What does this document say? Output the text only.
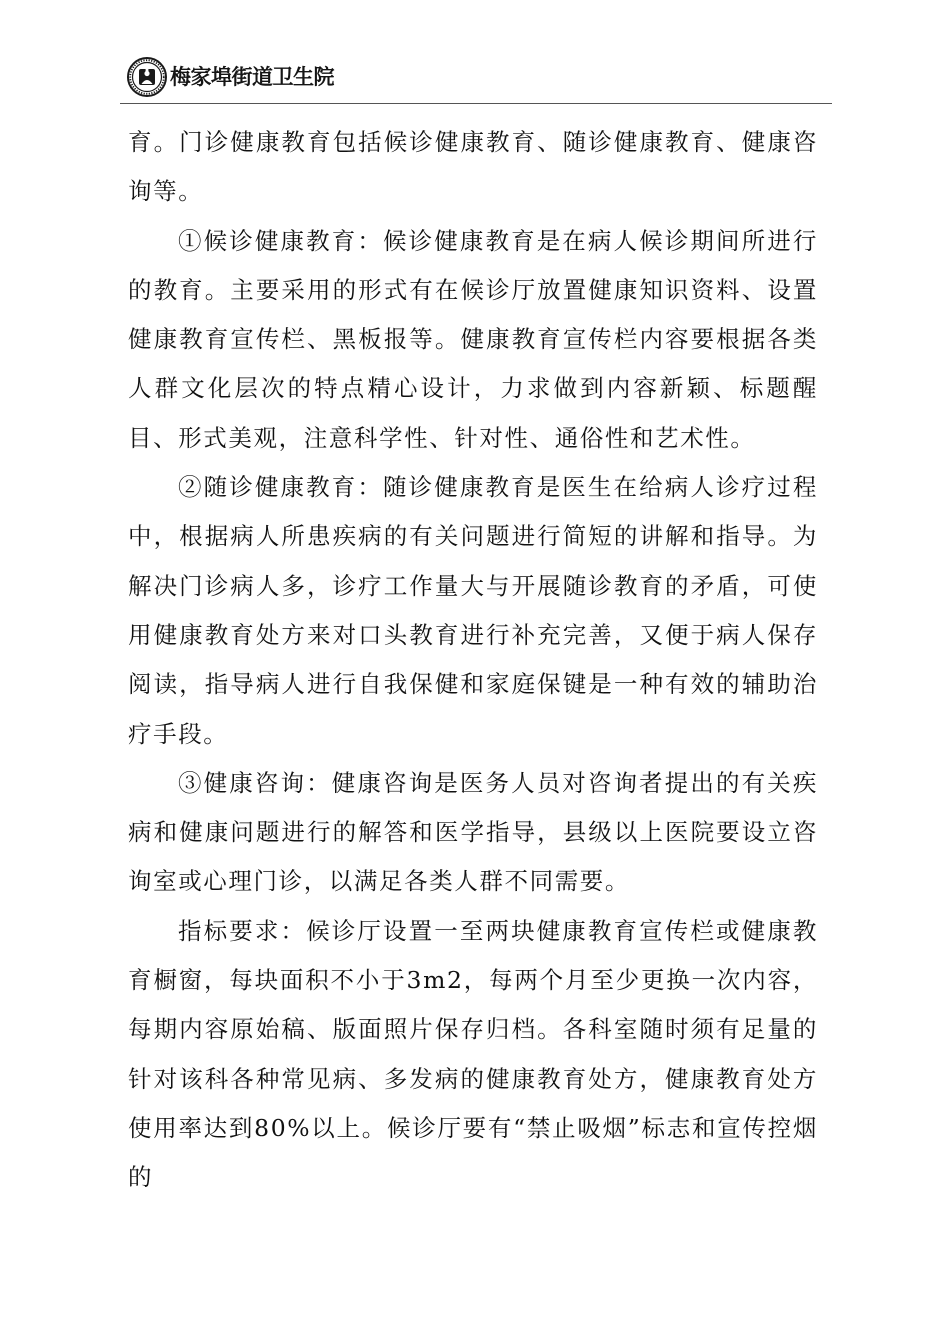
梅家埠街道卫生院

育。门诊健康教育包括候诊健康教育、随诊健康教育、健康咨询等。

①候诊健康教育：候诊健康教育是在病人候诊期间所进行的教育。主要采用的形式有在候诊厅放置健康知识资料、设置健康教育宣传栏、黑板报等。健康教育宣传栏内容要根据各类人群文化层次的特点精心设计，力求做到内容新颖、标题醒目、形式美观，注意科学性、针对性、通俗性和艺术性。

②随诊健康教育：随诊健康教育是医生在给病人诊疗过程中，根据病人所患疾病的有关问题进行简短的讲解和指导。为解决门诊病人多，诊疗工作量大与开展随诊教育的矛盾，可使用健康教育处方来对口头教育进行补充完善，又便于病人保存阅读，指导病人进行自我保健和家庭保键是一种有效的辅助治疗手段。

③健康咨询：健康咨询是医务人员对咨询者提出的有关疾病和健康问题进行的解答和医学指导，县级以上医院要设立咨询室或心理门诊，以满足各类人群不同需要。

指标要求：候诊厅设置一至两块健康教育宣传栏或健康教育橱窗，每块面积不小于3m2，每两个月至少更换一次内容，每期内容原始稿、版面照片保存归档。各科室随时须有足量的针对该科各种常见病、多发病的健康教育处方，健康教育处方使用率达到80%以上。候诊厅要有“禁止吸烟”标志和宣传控烟的
